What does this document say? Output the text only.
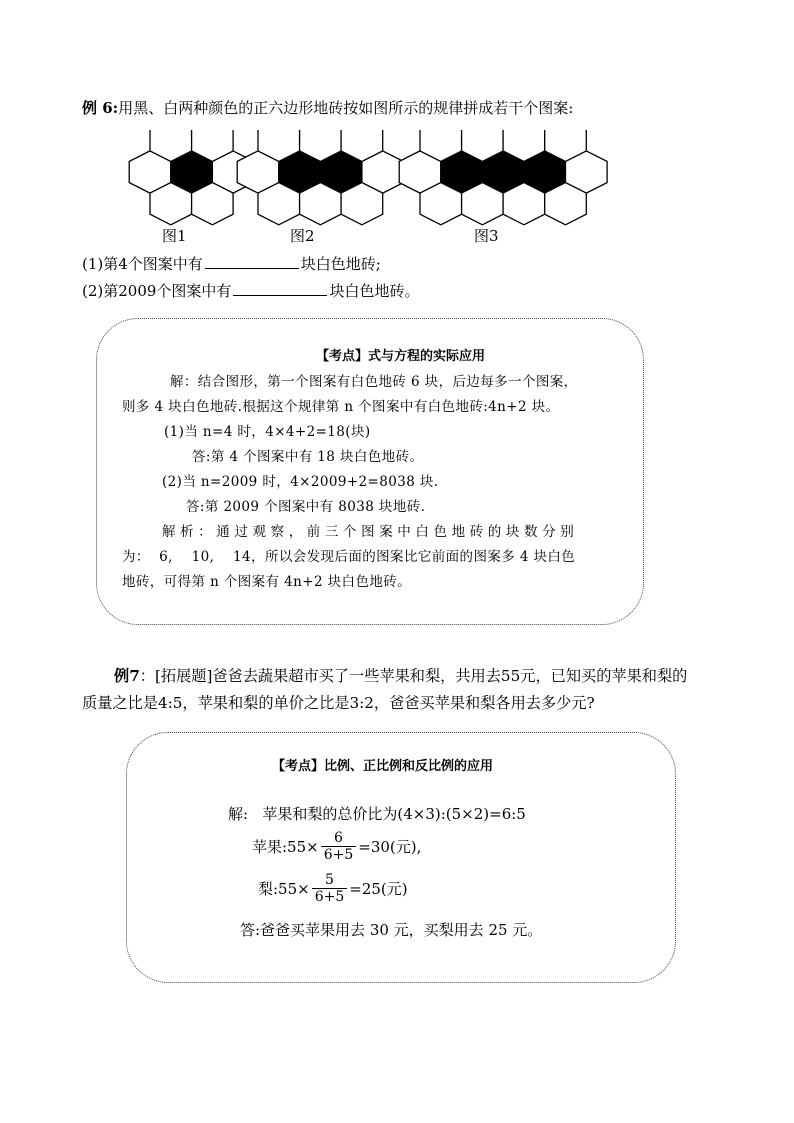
例 6:用黑、白两种颜色的正六边形地砖按如图所示的规律拼成若干个图案:
图1	图2	图3
(1)第4个图案中有	块白色地砖;
(2)第2009个图案中有	块白色地砖。
【考点】式与方程的实际应用
解：结合图形，第一个图案有白色地砖 6 块，后边每多一个图案，
则多 4 块白色地砖.根据这个规律第 n 个图案中有白色地砖:4n+2 块。
(1)当 n=4 时，4×4+2=18(块)
答:第 4 个图案中有 18 块白色地砖。
(2)当 n=2009 时，4×2009+2=8038 块.
答:第 2009 个图案中有 8038 块地砖.
解析：通过观察，前三个图案中白色地砖的块数分别
为：  6,    10,    14，所以会发现后面的图案比它前面的图案多 4 块白色
地砖，可得第 n 个图案有 4n+2 块白色地砖。
例7：[拓展题]爸爸去蔬果超市买了一些苹果和梨，共用去55元，已知买的苹果和梨的
质量之比是4:5，苹果和梨的单价之比是3:2，爸爸买苹果和梨各用去多少元?
【考点】比例、正比例和反比例的应用
解:   苹果和梨的总价比为(4×3):(5×2)=6:5
苹果:55× $\frac{6}{6+5} =30$(元),
梨:55× $\frac{5}{6+5} =25$(元)
答:爸爸买苹果用去 30 元，买梨用去 25 元。
